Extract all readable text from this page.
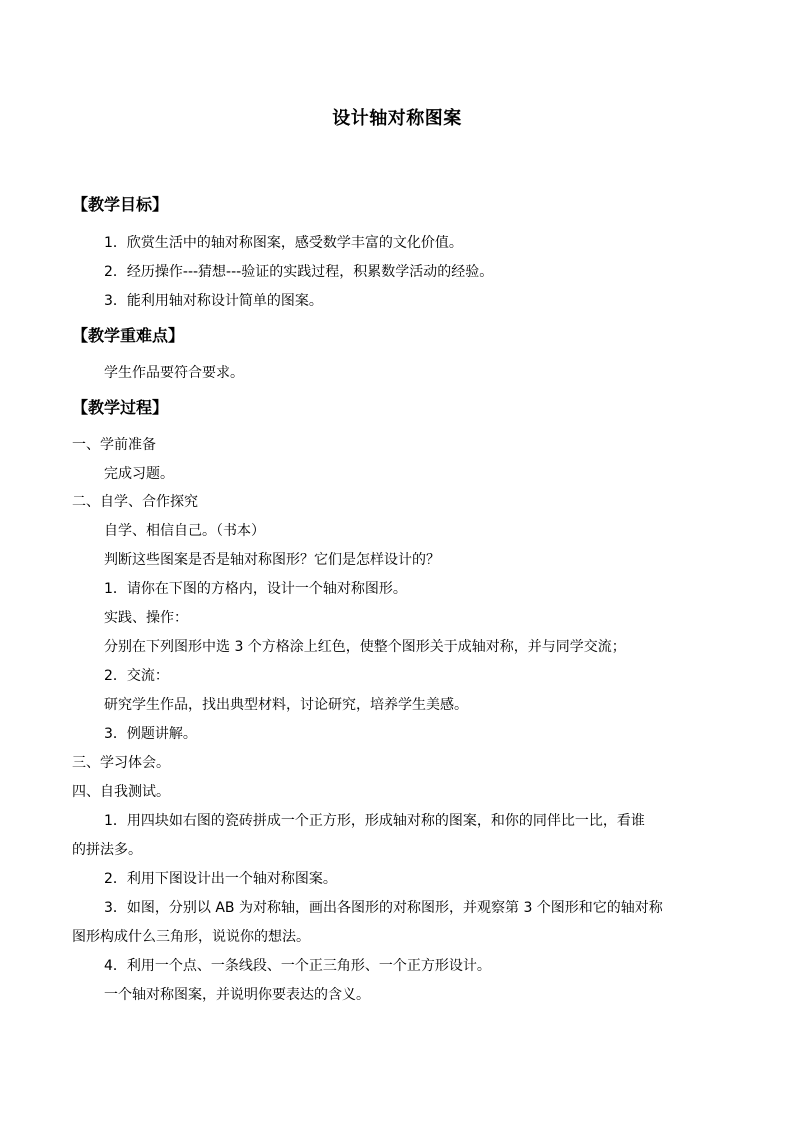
设计轴对称图案
【教学目标】
1．欣赏生活中的轴对称图案，感受数学丰富的文化价值。
2．经历操作---猜想---验证的实践过程，积累数学活动的经验。
3．能利用轴对称设计简单的图案。
【教学重难点】
学生作品要符合要求。
【教学过程】
一、学前准备
完成习题。
二、自学、合作探究
自学、相信自己。（书本）
判断这些图案是否是轴对称图形？它们是怎样设计的？
1．请你在下图的方格内，设计一个轴对称图形。
实践、操作：
分别在下列图形中选 3 个方格涂上红色，使整个图形关于成轴对称，并与同学交流；
2．交流：
研究学生作品，找出典型材料，讨论研究，培养学生美感。
3．例题讲解。
三、学习体会。
四、自我测试。
1．用四块如右图的瓷砖拼成一个正方形，形成轴对称的图案，和你的同伴比一比，看谁
的拼法多。
2．利用下图设计出一个轴对称图案。
3．如图，分别以 AB 为对称轴，画出各图形的对称图形，并观察第 3 个图形和它的轴对称
图形构成什么三角形，说说你的想法。
4．利用一个点、一条线段、一个正三角形、一个正方形设计。
一个轴对称图案，并说明你要表达的含义。
